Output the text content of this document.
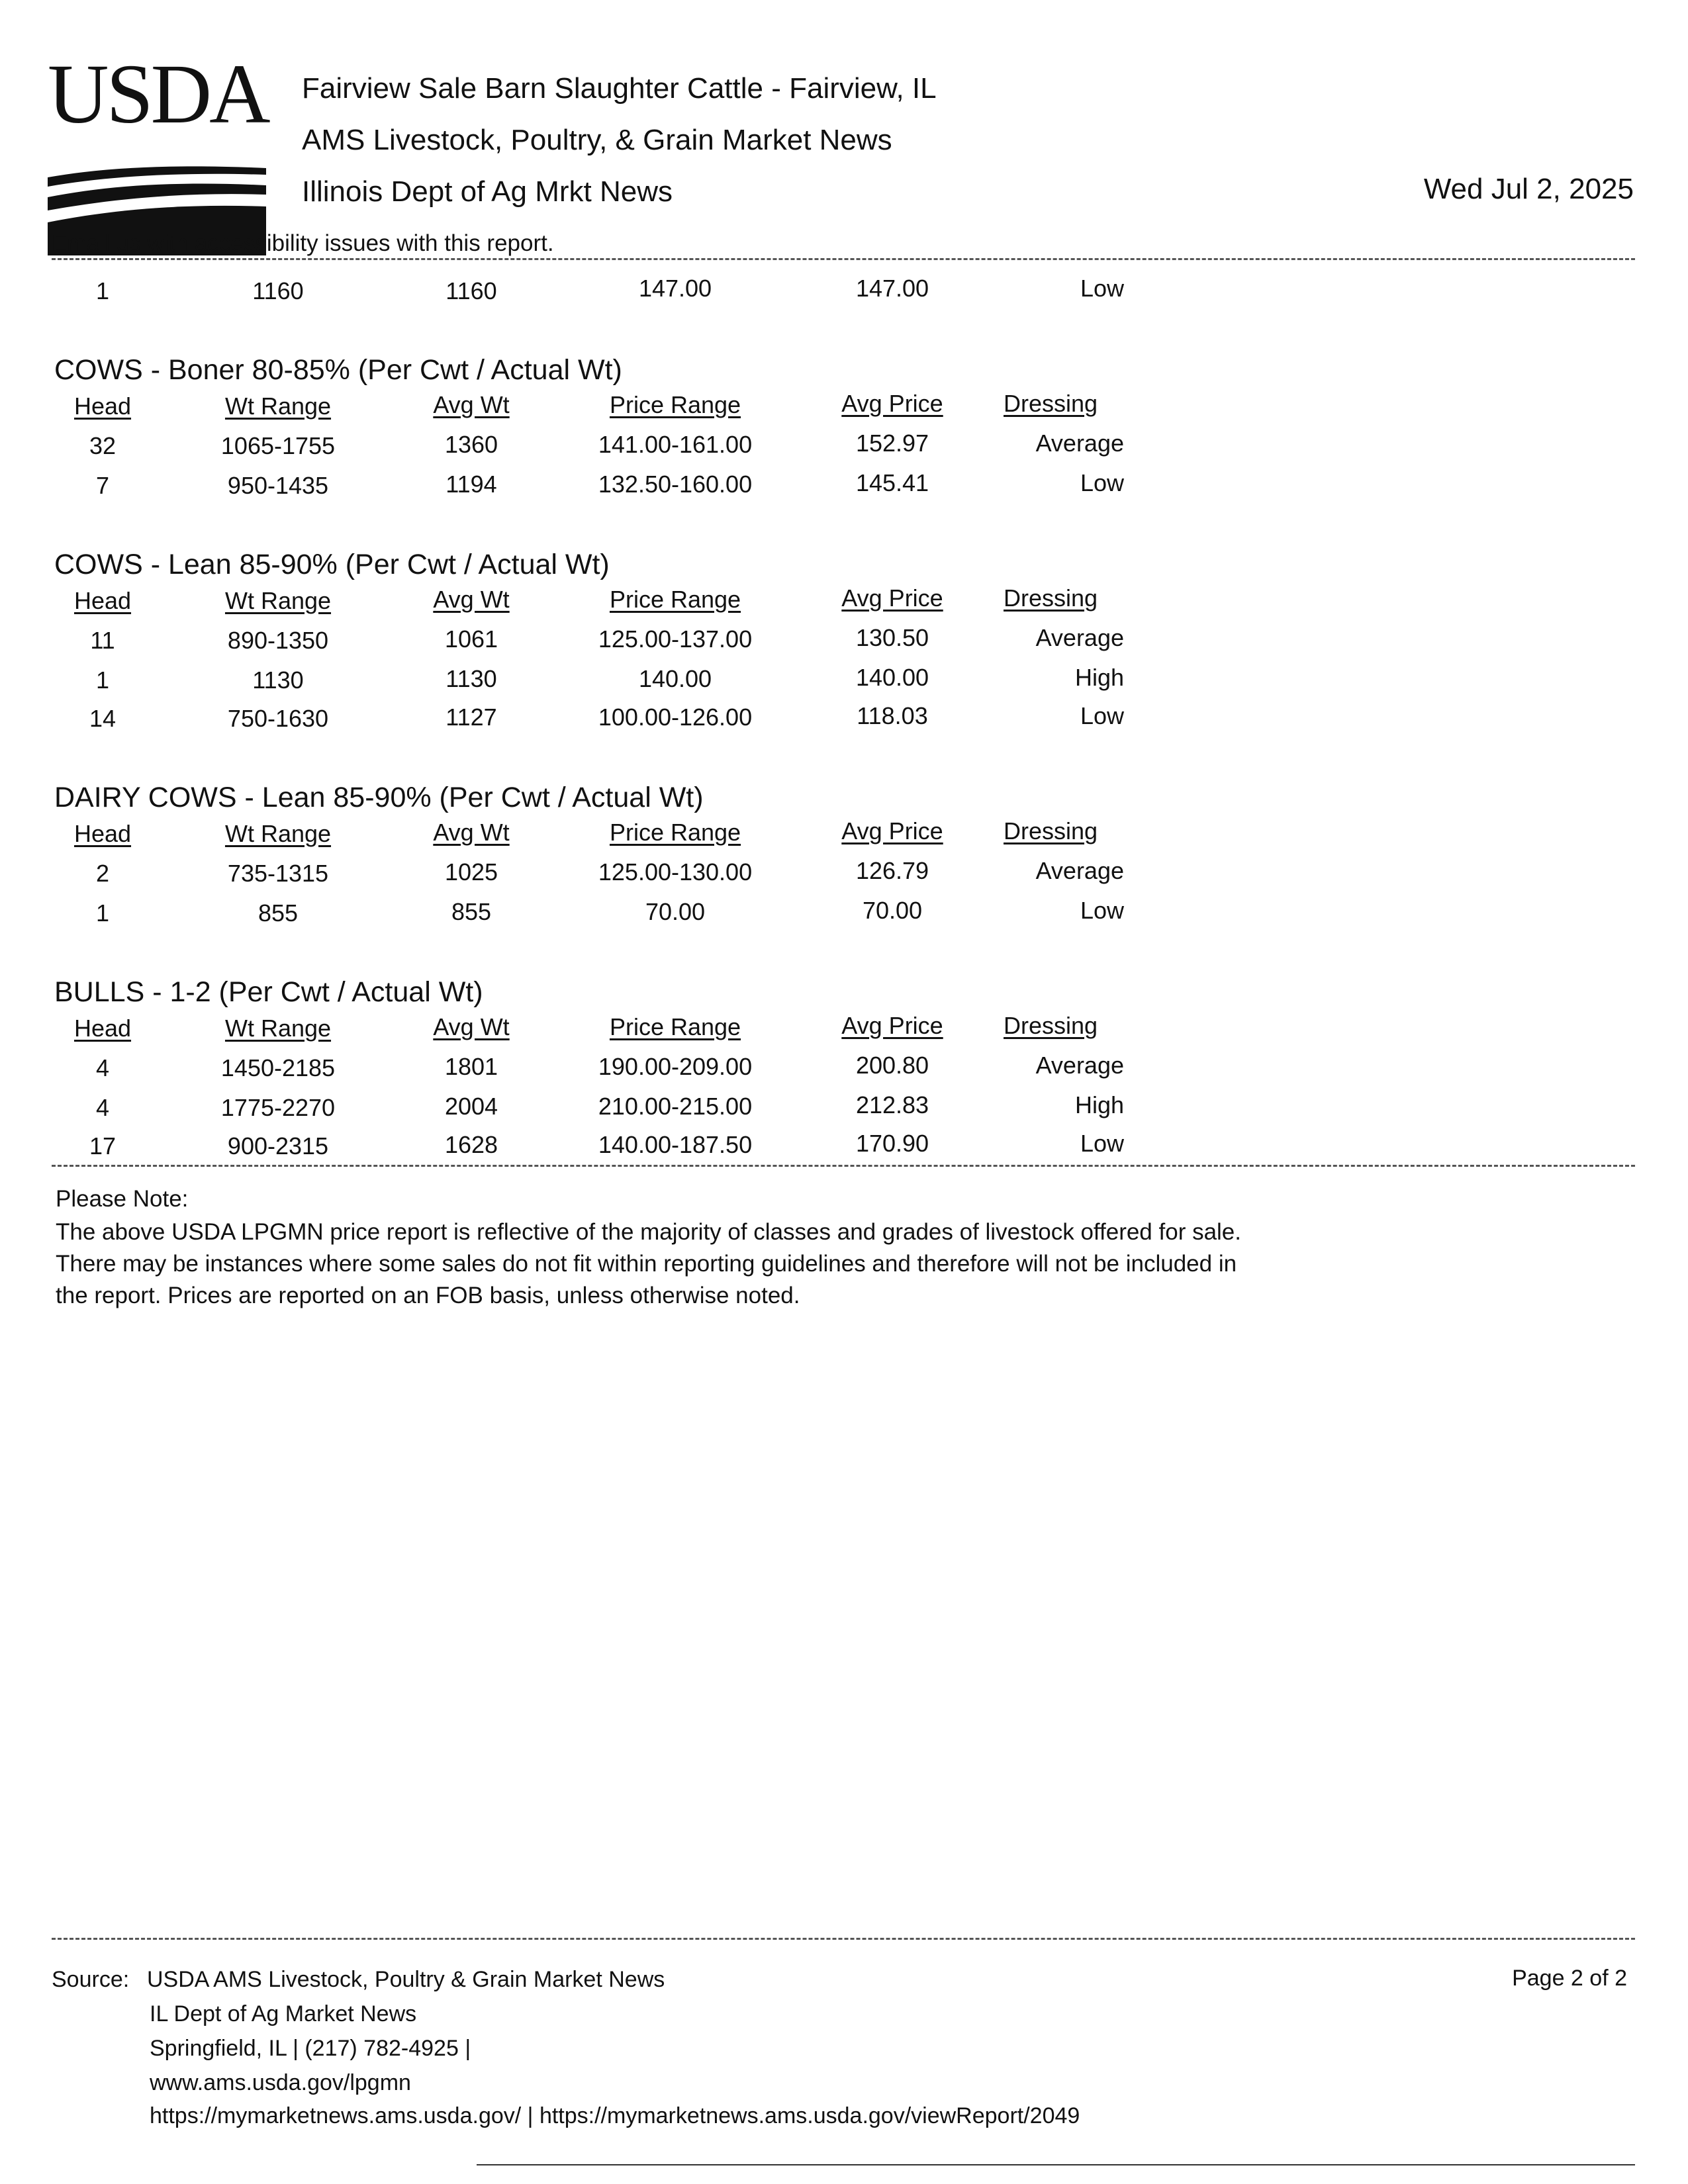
USDA Fairview Sale Barn Slaughter Cattle - Fairview, IL
AMS Livestock, Poultry, & Grain Market News
Illinois Dept of Ag Mrkt News	Wed Jul 2, 2025
Email us with accessibility issues with this report.
1	1160	1160	147.00	147.00	Low
COWS - Boner 80-85% (Per Cwt / Actual Wt)
Head	Wt Range	Avg Wt	Price Range	Avg Price	Dressing
32	1065-1755	1360	141.00-161.00	152.97	Average
7	950-1435	1194	132.50-160.00	145.41	Low
COWS - Lean 85-90% (Per Cwt / Actual Wt)
Head	Wt Range	Avg Wt	Price Range	Avg Price	Dressing
11	890-1350	1061	125.00-137.00	130.50	Average
1	1130	1130	140.00	140.00	High
14	750-1630	1127	100.00-126.00	118.03	Low
DAIRY COWS - Lean 85-90% (Per Cwt / Actual Wt)
Head	Wt Range	Avg Wt	Price Range	Avg Price	Dressing
2	735-1315	1025	125.00-130.00	126.79	Average
1	855	855	70.00	70.00	Low
BULLS - 1-2 (Per Cwt / Actual Wt)
Head	Wt Range	Avg Wt	Price Range	Avg Price	Dressing
4	1450-2185	1801	190.00-209.00	200.80	Average
4	1775-2270	2004	210.00-215.00	212.83	High
17	900-2315	1628	140.00-187.50	170.90	Low
Please Note:
The above USDA LPGMN price report is reflective of the majority of classes and grades of livestock offered for sale.
There may be instances where some sales do not fit within reporting guidelines and therefore will not be included in
the report. Prices are reported on an FOB basis, unless otherwise noted.
Source: USDA AMS Livestock, Poultry & Grain Market News
IL Dept of Ag Market News
Springfield, IL | (217) 782-4925 |
www.ams.usda.gov/lpgmn
https://mymarketnews.ams.usda.gov/ | https://mymarketnews.ams.usda.gov/viewReport/2049
Page 2 of 2
